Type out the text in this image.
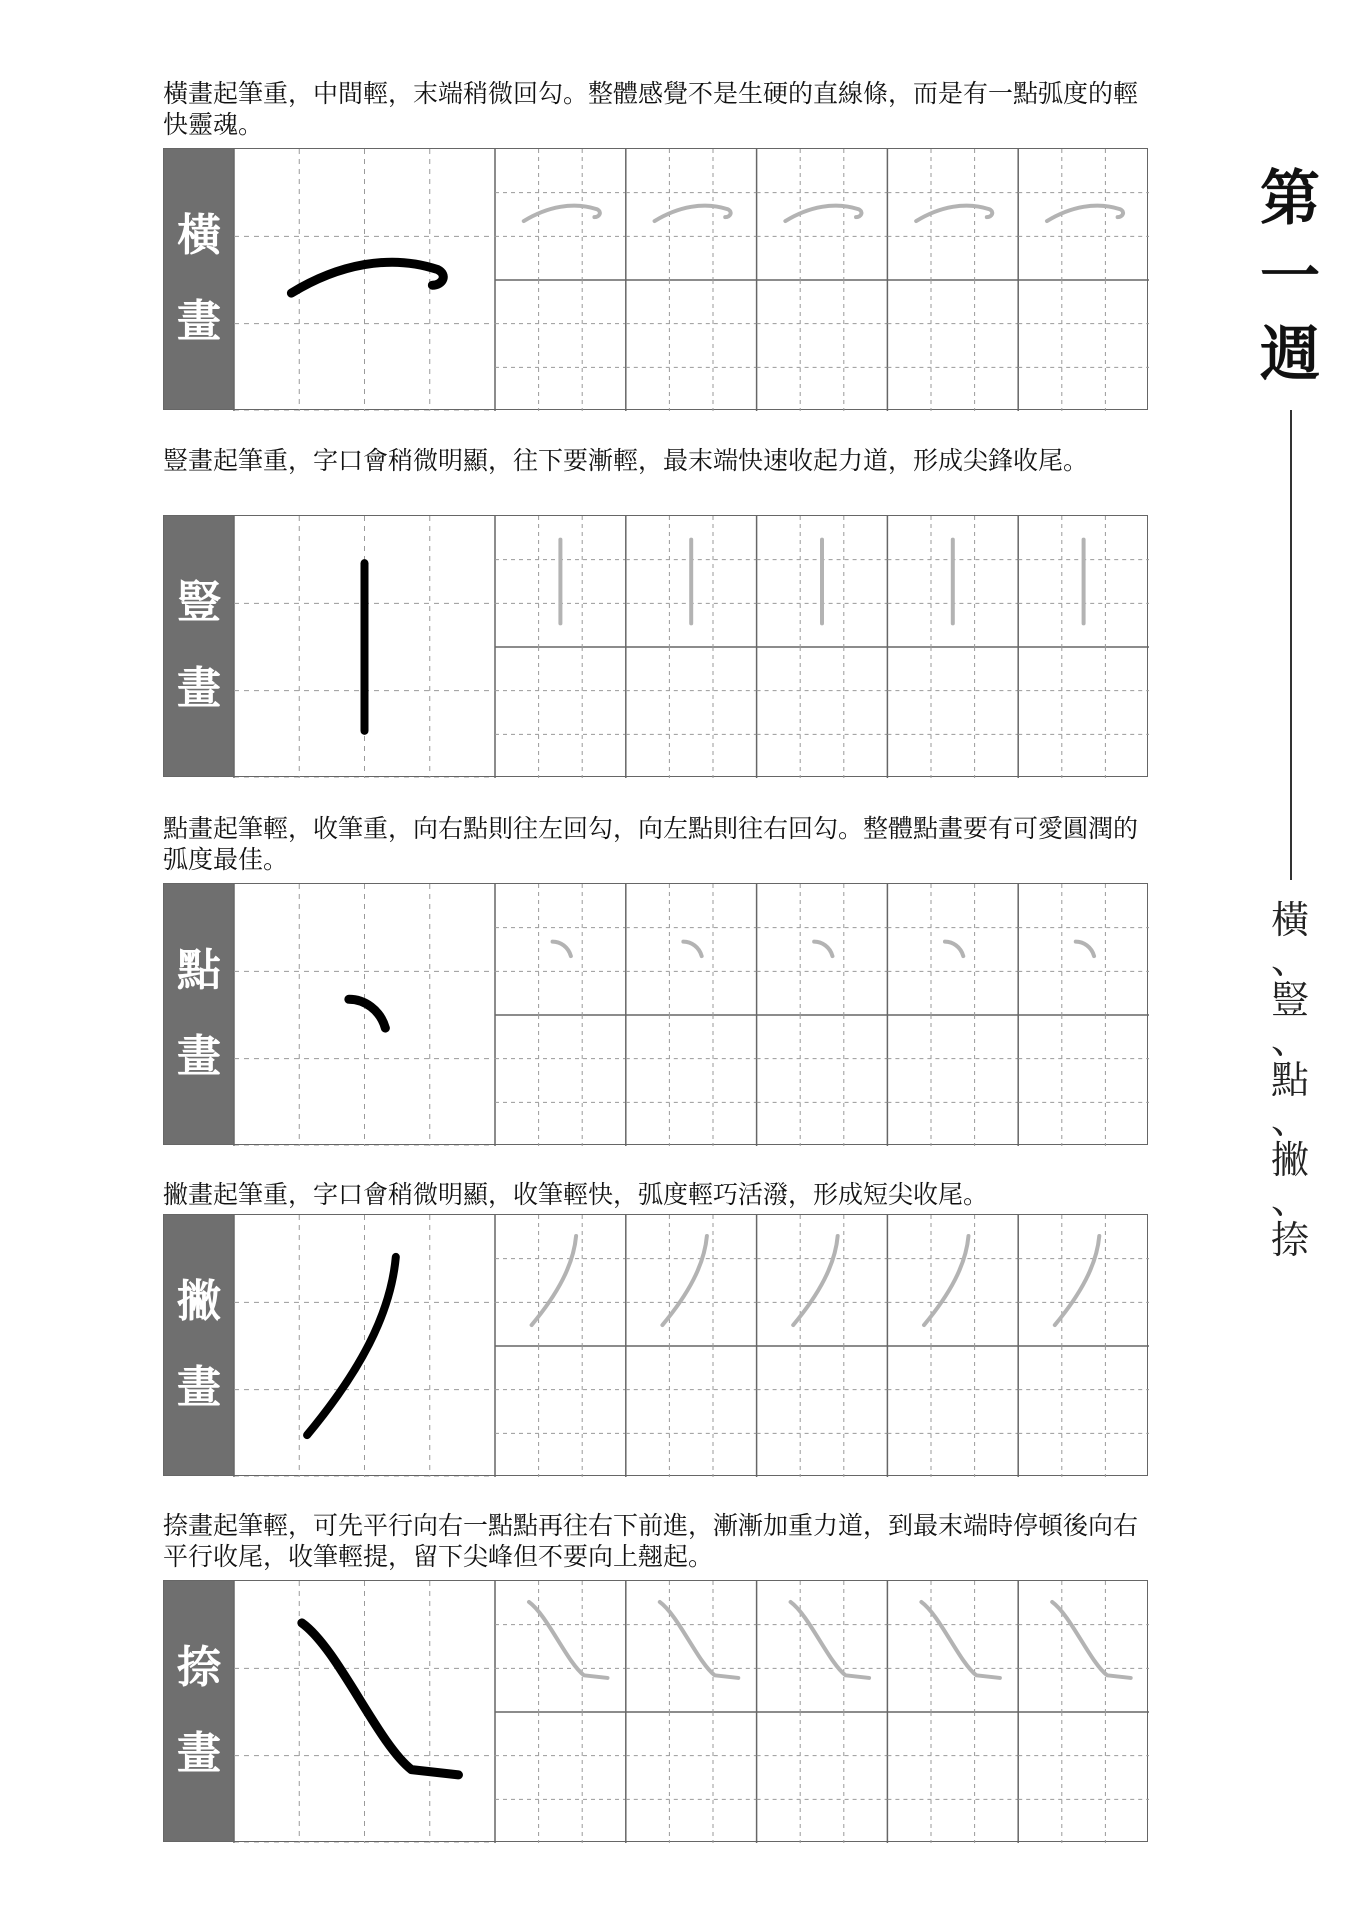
第
一
週
橫
、
豎
、
點
、
撇
、
捺
橫畫起筆重，中間輕，末端稍微回勾。整體感覺不是生硬的直線條，而是有一點弧度的輕快靈魂。
橫
畫
豎畫起筆重，字口會稍微明顯，往下要漸輕，最末端快速收起力道，形成尖鋒收尾。
豎
畫
點畫起筆輕，收筆重，向右點則往左回勾，向左點則往右回勾。整體點畫要有可愛圓潤的弧度最佳。
點
畫
撇畫起筆重，字口會稍微明顯，收筆輕快，弧度輕巧活潑，形成短尖收尾。
撇
畫
捺畫起筆輕，可先平行向右一點點再往右下前進，漸漸加重力道，到最末端時停頓後向右平行收尾，收筆輕提，留下尖峰但不要向上翹起。
捺
畫
